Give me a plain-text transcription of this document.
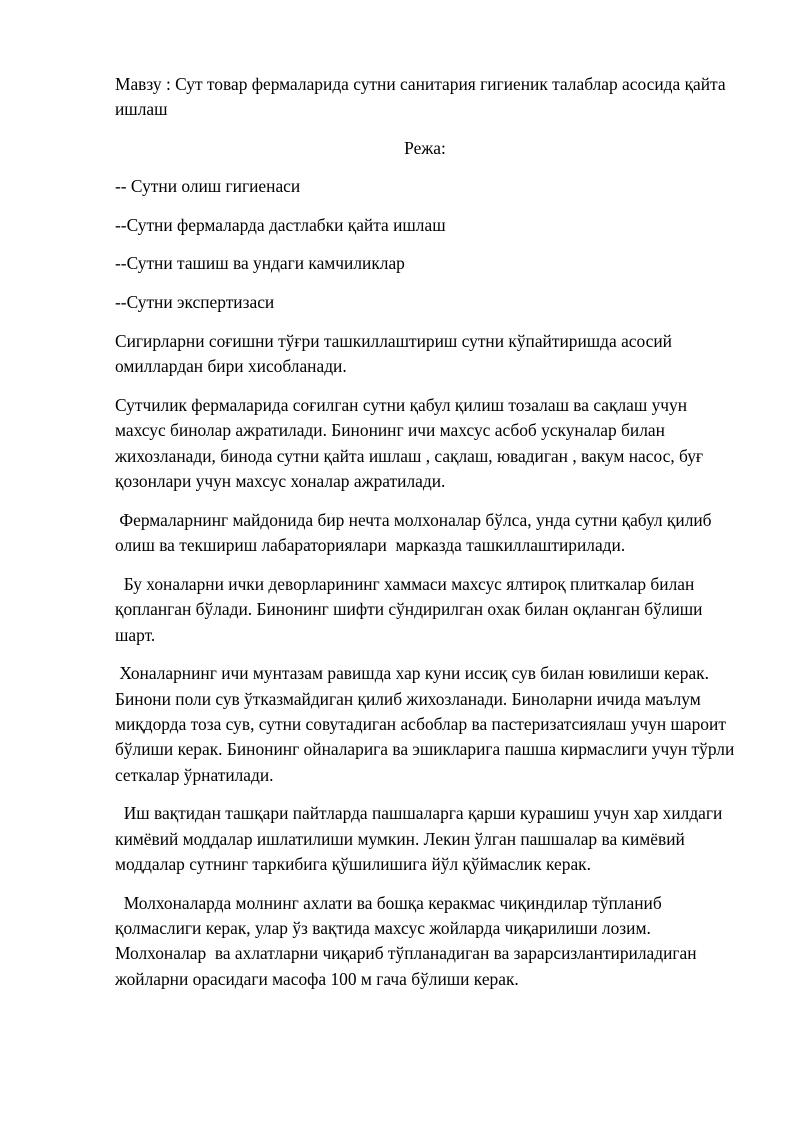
Мавзу : Сут товар фермаларида сутни санитария гигиеник талаблар асосида қайта ишлаш

Режа:

-- Сутни олиш гигиенаси

--Сутни фермаларда дастлабки қайта ишлаш

--Сутни ташиш ва ундаги камчиликлар

--Сутни экспертизаси

Сигирларни соғишни тўғри ташкиллаштириш сутни кўпайтиришда асосий омиллардан бири хисобланади.

Сутчилик фермаларида соғилган сутни қабул қилиш тозалаш ва сақлаш учун махсус бинолар ажратилади. Бинонинг ичи махсус асбоб ускуналар билан жихозланади, бинода сутни қайта ишлаш , сақлаш, ювадиган , вакум насос, буғ қозонлари учун махсус хоналар ажратилади.

Фермаларнинг майдонида бир нечта молхоналар бўлса, унда сутни қабул қилиб олиш ва текшириш лабараториялари  марказда ташкиллаштирилади.

Бу хоналарни ички деворларининг хаммаси махсус ялтироқ плиткалар билан қопланган бўлади. Бинонинг шифти сўндирилган охак билан оқланган бўлиши шарт.

Хоналарнинг ичи мунтазам равишда хар куни иссиқ сув билан ювилиши керак. Бинони поли сув ўтказмайдиган қилиб жихозланади. Биноларни ичида маълум миқдорда тоза сув, сутни совутадиган асбоблар ва пастеризатсиялаш учун шароит бўлиши керак. Бинонинг ойналарига ва эшикларига пашша кирмаслиги учун тўрли сеткалар ўрнатилади.

Иш вақтидан ташқари пайтларда пашшаларга қарши курашиш учун хар хилдаги  кимёвий моддалар ишлатилиши мумкин. Лекин ўлган пашшалар ва кимёвий моддалар сутнинг таркибига қўшилишига йўл қўймаслик керак.

Молхоналарда молнинг ахлати ва бошқа керакмас чиқиндилар тўпланиб қолмаслиги керак, улар ўз вақтида махсус жойларда чиқарилиши лозим. Молхоналар  ва ахлатларни чиқариб тўпланадиган ва зарарсизлантириладиган жойларни орасидаги масофа 100 м гача бўлиши керак.
